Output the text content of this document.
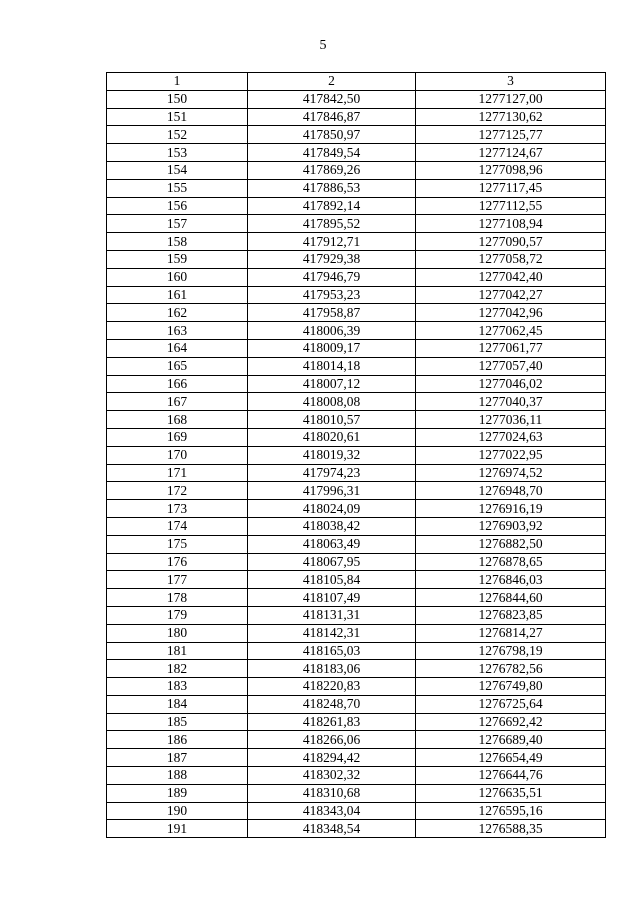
5
1	2	3
150	417842,50	1277127,00
151	417846,87	1277130,62
152	417850,97	1277125,77
153	417849,54	1277124,67
154	417869,26	1277098,96
155	417886,53	1277117,45
156	417892,14	1277112,55
157	417895,52	1277108,94
158	417912,71	1277090,57
159	417929,38	1277058,72
160	417946,79	1277042,40
161	417953,23	1277042,27
162	417958,87	1277042,96
163	418006,39	1277062,45
164	418009,17	1277061,77
165	418014,18	1277057,40
166	418007,12	1277046,02
167	418008,08	1277040,37
168	418010,57	1277036,11
169	418020,61	1277024,63
170	418019,32	1277022,95
171	417974,23	1276974,52
172	417996,31	1276948,70
173	418024,09	1276916,19
174	418038,42	1276903,92
175	418063,49	1276882,50
176	418067,95	1276878,65
177	418105,84	1276846,03
178	418107,49	1276844,60
179	418131,31	1276823,85
180	418142,31	1276814,27
181	418165,03	1276798,19
182	418183,06	1276782,56
183	418220,83	1276749,80
184	418248,70	1276725,64
185	418261,83	1276692,42
186	418266,06	1276689,40
187	418294,42	1276654,49
188	418302,32	1276644,76
189	418310,68	1276635,51
190	418343,04	1276595,16
191	418348,54	1276588,35
